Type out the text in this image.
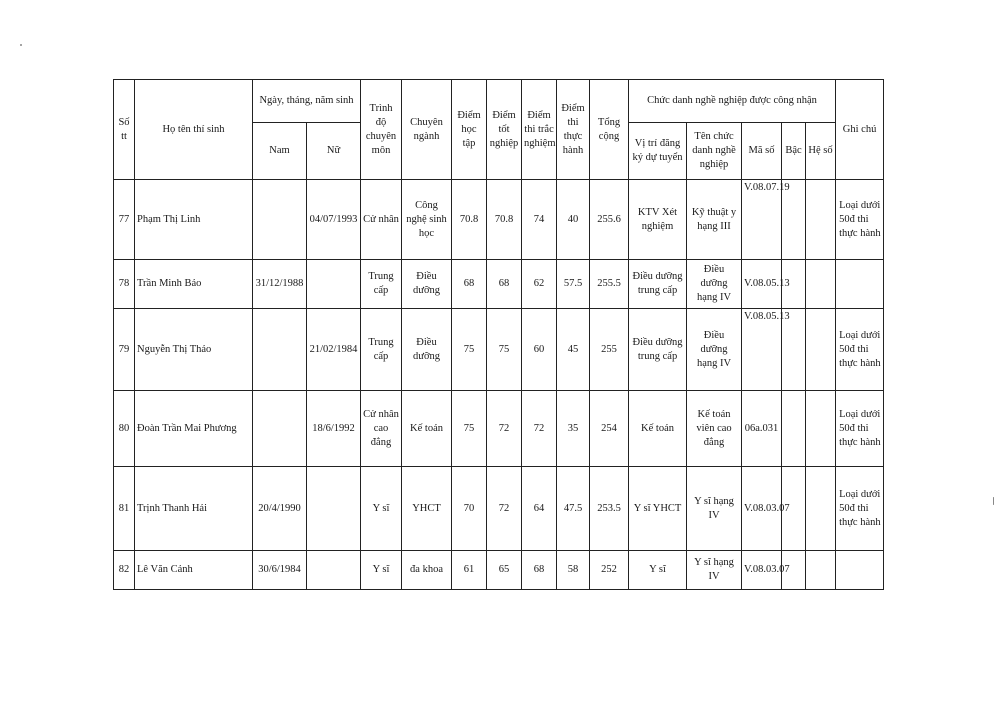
Số tt	Họ tên thí sinh	Ngày, tháng, năm sinh		Trình độ chuyên môn	Chuyên ngành	Điểm học tập	Điểm tốt nghiệp	Điểm thi trắc nghiệm	Điểm thi thực hành	Tổng cộng	Chức danh nghề nghiệp được công nhận					Ghi chú
		Nam	Nữ								Vị trí đăng ký dự tuyển	Tên chức danh nghề nghiệp	Mã số	Bậc	Hệ số	
77	Phạm Thị Linh		04/07/1993	Cử nhân	Công nghệ sinh học	70.8	70.8	74	40	255.6	KTV Xét nghiệm	Kỹ thuật y hạng III	V.08.07.19			Loại dưới 50đ thi thực hành
78	Trần Minh Bảo	31/12/1988		Trung cấp	Điều dưỡng	68	68	62	57.5	255.5	Điều dưỡng trung cấp	Điều dưỡng hạng IV	V.08.05.13			
79	Nguyễn Thị Thảo		21/02/1984	Trung cấp	Điều dưỡng	75	75	60	45	255	Điều dưỡng trung cấp	Điều dưỡng hạng IV	V.08.05.13			Loại dưới 50đ thi thực hành
80	Đoàn Trần Mai Phương		18/6/1992	Cử nhân cao đẳng	Kế toán	75	72	72	35	254	Kế toán	Kế toán viên cao đẳng	06a.031			Loại dưới 50đ thi thực hành
81	Trịnh Thanh Hải	20/4/1990		Y sĩ	YHCT	70	72	64	47.5	253.5	Y sĩ YHCT	Y sĩ hạng IV	V.08.03.07			Loại dưới 50đ thi thực hành
82	Lê Văn Cảnh	30/6/1984		Y sĩ	đa khoa	61	65	68	58	252	Y sĩ	Y sĩ hạng IV	V.08.03.07			
